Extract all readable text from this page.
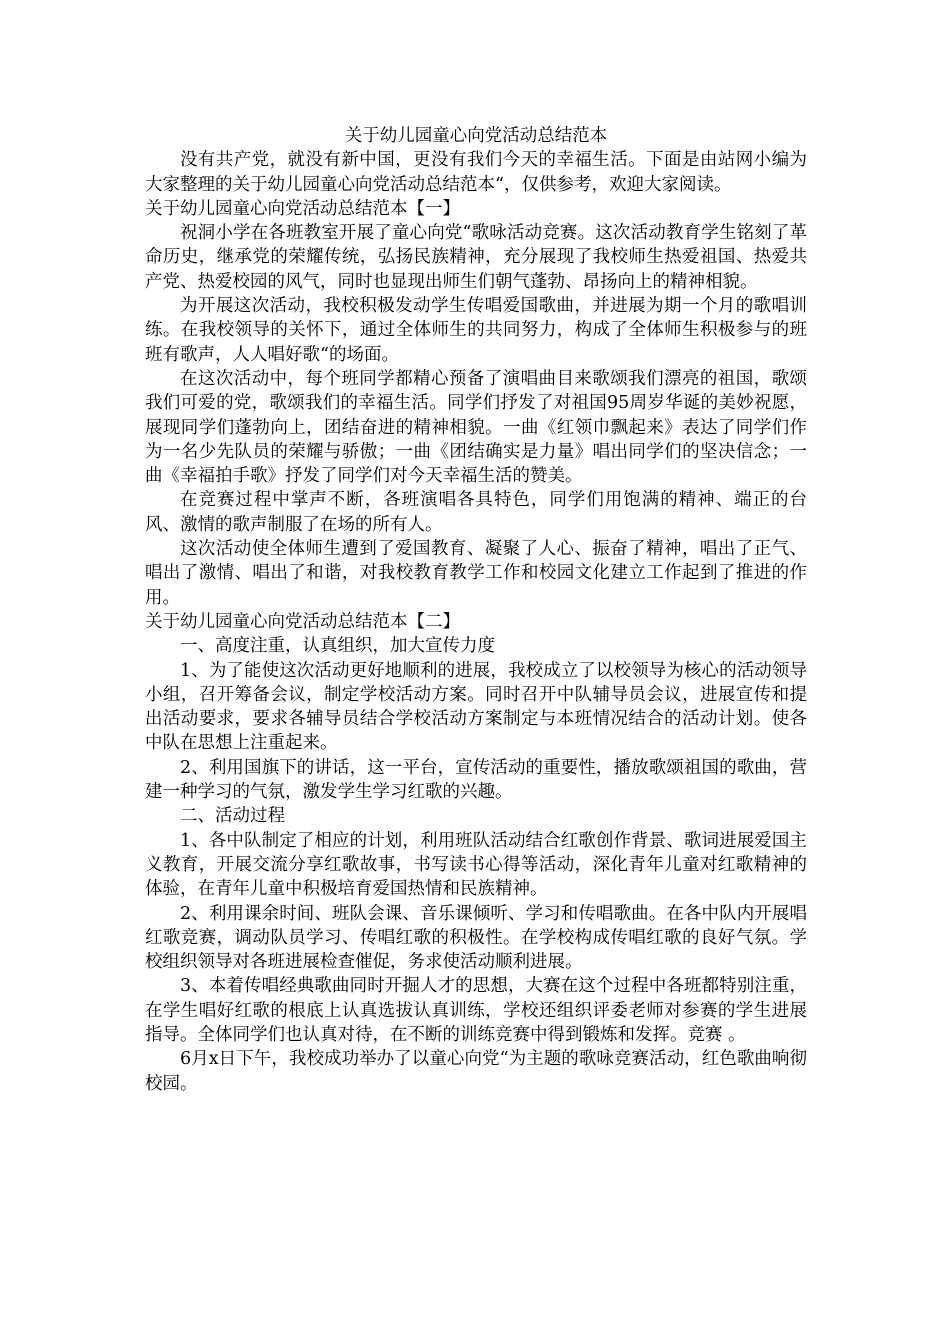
关于幼儿园童心向党活动总结范本

没有共产党，就没有新中国，更没有我们今天的幸福生活。下面是由站网小编为大家整理的关于幼儿园童心向党活动总结范本“，仅供参考，欢迎大家阅读。

关于幼儿园童心向党活动总结范本【一】

祝洞小学在各班教室开展了童心向党“歌咏活动竞赛。这次活动教育学生铭刻了革命历史，继承党的荣耀传统，弘扬民族精神，充分展现了我校师生热爱祖国、热爱共产党、热爱校园的风气，同时也显现出师生们朝气蓬勃、昂扬向上的精神相貌。

为开展这次活动，我校积极发动学生传唱爱国歌曲，并进展为期一个月的歌唱训练。在我校领导的关怀下，通过全体师生的共同努力，构成了全体师生积极参与的班班有歌声，人人唱好歌“的场面。

在这次活动中，每个班同学都精心预备了演唱曲目来歌颂我们漂亮的祖国，歌颂我们可爱的党，歌颂我们的幸福生活。同学们抒发了对祖国95周岁华诞的美妙祝愿，展现同学们蓬勃向上，团结奋进的精神相貌。一曲《红领巾飘起来》表达了同学们作为一名少先队员的荣耀与骄傲；一曲《团结确实是力量》唱出同学们的坚决信念；一曲《幸福拍手歌》抒发了同学们对今天幸福生活的赞美。

在竞赛过程中掌声不断，各班演唱各具特色，同学们用饱满的精神、端正的台风、激情的歌声制服了在场的所有人。

这次活动使全体师生遭到了爱国教育、凝聚了人心、振奋了精神，唱出了正气、唱出了激情、唱出了和谐，对我校教育教学工作和校园文化建立工作起到了推进的作用。

关于幼儿园童心向党活动总结范本【二】

一、高度注重，认真组织，加大宣传力度

1、为了能使这次活动更好地顺利的进展，我校成立了以校领导为核心的活动领导小组，召开筹备会议，制定学校活动方案。同时召开中队辅导员会议，进展宣传和提出活动要求，要求各辅导员结合学校活动方案制定与本班情况结合的活动计划。使各中队在思想上注重起来。

2、利用国旗下的讲话，这一平台，宣传活动的重要性，播放歌颂祖国的歌曲，营建一种学习的气氛，激发学生学习红歌的兴趣。

二、活动过程

1、各中队制定了相应的计划，利用班队活动结合红歌创作背景、歌词进展爱国主义教育，开展交流分享红歌故事，书写读书心得等活动，深化青年儿童对红歌精神的体验，在青年儿童中积极培育爱国热情和民族精神。

2、利用课余时间、班队会课、音乐课倾听、学习和传唱歌曲。在各中队内开展唱红歌竞赛，调动队员学习、传唱红歌的积极性。在学校构成传唱红歌的良好气氛。学校组织领导对各班进展检查催促，务求使活动顺利进展。

3、本着传唱经典歌曲同时开掘人才的思想，大赛在这个过程中各班都特别注重，在学生唱好红歌的根底上认真选拔认真训练，学校还组织评委老师对参赛的学生进展指导。全体同学们也认真对待，在不断的训练竞赛中得到锻炼和发挥。竞赛 。

6月x日下午，我校成功举办了以童心向党“为主题的歌咏竞赛活动，红色歌曲响彻校园。
